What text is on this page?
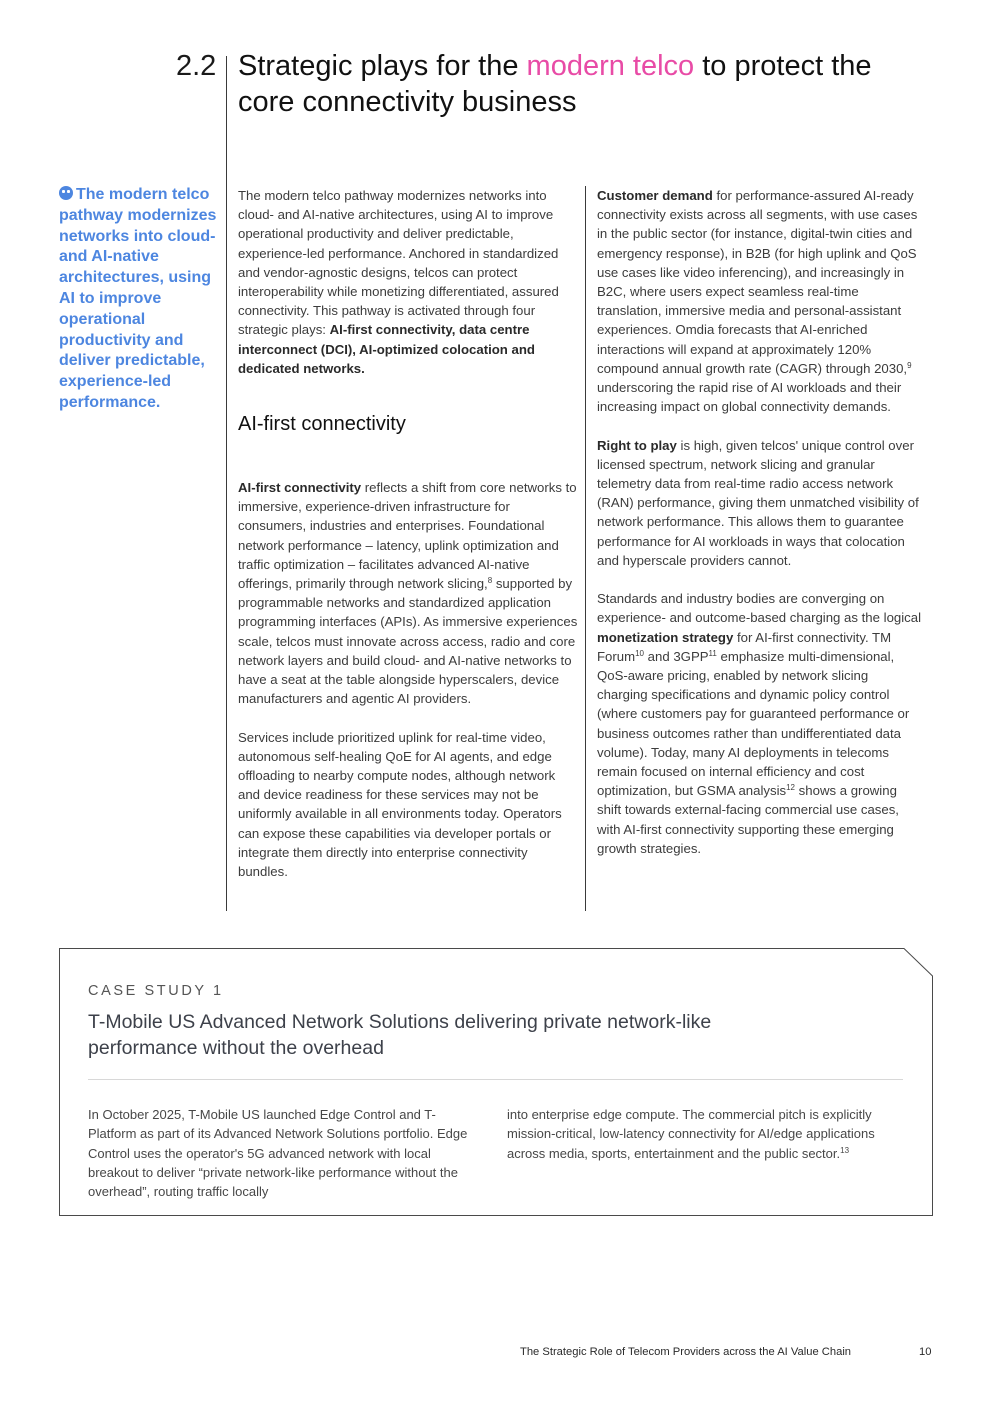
2.2 Strategic plays for the modern telco to protect the core connectivity business
The modern telco pathway modernizes networks into cloud- and AI-native architectures, using AI to improve operational productivity and deliver predictable, experience-led performance.

The modern telco pathway modernizes networks into cloud- and AI-native architectures, using AI to improve operational productivity and deliver predictable, experience-led performance. Anchored in standardized and vendor-agnostic designs, telcos can protect interoperability while monetizing differentiated, assured connectivity. This pathway is activated through four strategic plays: AI-first connectivity, data centre interconnect (DCI), AI-optimized colocation and dedicated networks.

AI-first connectivity

AI-first connectivity reflects a shift from core networks to immersive, experience-driven infrastructure for consumers, industries and enterprises. Foundational network performance – latency, uplink optimization and traffic optimization – facilitates advanced AI-native offerings, primarily through network slicing,$^8$ supported by programmable networks and standardized application programming interfaces (APIs). As immersive experiences scale, telcos must innovate across access, radio and core network layers and build cloud- and AI-native networks to have a seat at the table alongside hyperscalers, device manufacturers and agentic AI providers.

Services include prioritized uplink for real-time video, autonomous self-healing QoE for AI agents, and edge offloading to nearby compute nodes, although network and device readiness for these services may not be uniformly available in all environments today. Operators can expose these capabilities via developer portals or integrate them directly into enterprise connectivity bundles.

Customer demand for performance-assured AI-ready connectivity exists across all segments, with use cases in the public sector (for instance, digital-twin cities and emergency response), in B2B (for high uplink and QoS use cases like video inferencing), and increasingly in B2C, where users expect seamless real-time translation, immersive media and personal-assistant experiences. Omdia forecasts that AI-enriched interactions will expand at approximately 120% compound annual growth rate (CAGR) through 2030,$^9$ underscoring the rapid rise of AI workloads and their increasing impact on global connectivity demands.

Right to play is high, given telcos' unique control over licensed spectrum, network slicing and granular telemetry data from real-time radio access network (RAN) performance, giving them unmatched visibility of network performance. This allows them to guarantee performance for AI workloads in ways that colocation and hyperscale providers cannot.

Standards and industry bodies are converging on experience- and outcome-based charging as the logical monetization strategy for AI-first connectivity. TM Forum$^{10}$ and 3GPP$^{11}$ emphasize multi-dimensional, QoS-aware pricing, enabled by network slicing charging specifications and dynamic policy control (where customers pay for guaranteed performance or business outcomes rather than undifferentiated data volume). Today, many AI deployments in telecoms remain focused on internal efficiency and cost optimization, but GSMA analysis$^{12}$ shows a growing shift towards external-facing commercial use cases, with AI-first connectivity supporting these emerging growth strategies.

CASE STUDY 1
T-Mobile US Advanced Network Solutions delivering private network-like performance without the overhead
In October 2025, T-Mobile US launched Edge Control and T-Platform as part of its Advanced Network Solutions portfolio. Edge Control uses the operator's 5G advanced network with local breakout to deliver “private network-like performance without the overhead”, routing traffic locally
into enterprise edge compute. The commercial pitch is explicitly mission-critical, low-latency connectivity for AI/edge applications across media, sports, entertainment and the public sector.$^{13}$
The Strategic Role of Telecom Providers across the AI Value Chain	10
